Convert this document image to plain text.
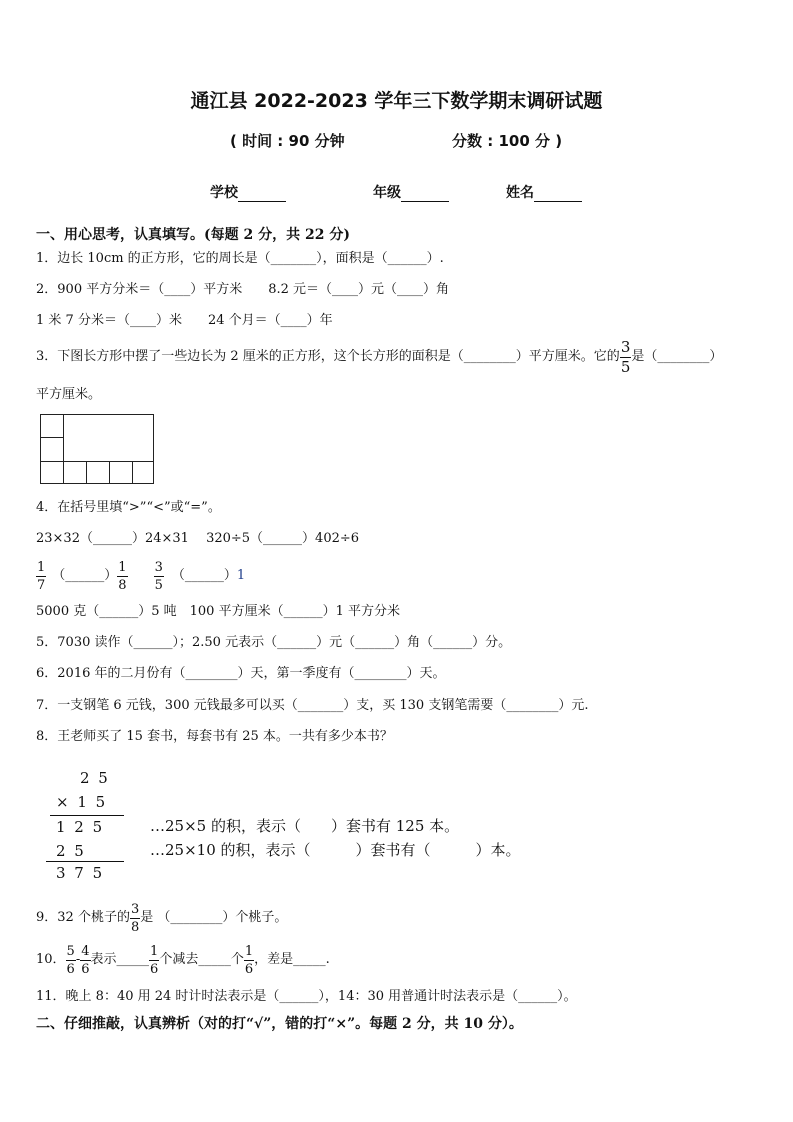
通江县 2022-2023 学年三下数学期末调研试题
( 时间 : 90 分钟	分数 : 100 分 )
学校	年级	姓名
一、用心思考，认真填写。(每题 2 分，共 22 分)
1．边长 10cm 的正方形，它的周长是（_______），面积是（______）.
2．900 平方分米＝（____）平方米　　8.2 元＝（____）元（____）角
1 米 7 分米＝（____）米　　24 个月＝（____）年
3．下图长方形中摆了一些边长为 2 厘米的正方形，这个长方形的面积是（________）平方厘米。它的 $\frac{3}{5}$ 是（________）
平方厘米。
4．在括号里填“>”“<”或“=”。
23×32（______）24×31　 320÷5（______）402÷6
$\frac{1}{7}$ （______） $\frac{1}{8} \frac{3}{5}$ （______） 1
5000 克（______）5 吨　100 平方厘米（______）1 平方分米
5．7030 读作（______）；2.50 元表示（______）元（______）角（______）分。
6．2016 年的二月份有（________）天，第一季度有（________）天。
7．一支钢笔 6 元钱，300 元钱最多可以买（_______）支，买 130 支钢笔需要（________）元.
8．王老师买了 15 套书，每套书有 25 本。一共有多少本书？
2 5
× 1 5
1 2 5
2 5
3 7 5
…25×5 的积，表示（　　）套书有 125 本。
…25×10 的积，表示（　　　）套书有（　　　）本。
9．32 个桃子的 $\frac{3}{8}$ 是 （________）个桃子。
10． $\frac{5}{6} - \frac{4}{6}$ 表示_____ $\frac{1}{6}$ 个减去_____个 $\frac{1}{6}$ ，差是_____.
11．晚上 8：40 用 24 时计时法表示是（______），14：30 用普通计时法表示是（______）。
二、仔细推敲，认真辨析（对的打“√”，错的打“×”。每题 2 分，共 10 分）。
